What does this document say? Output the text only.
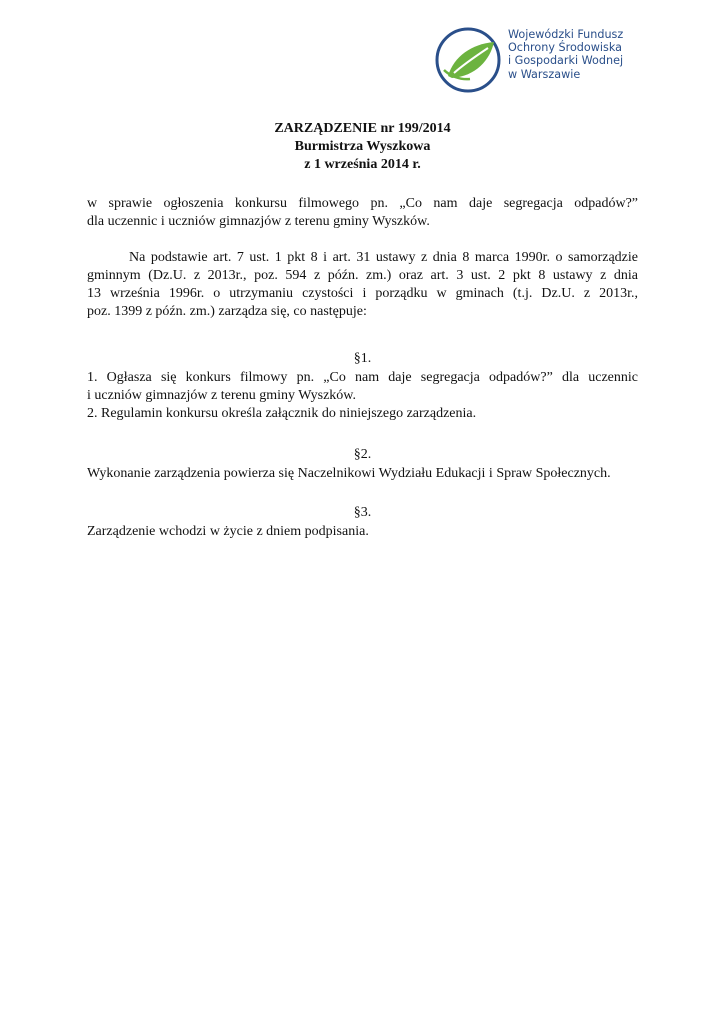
Wojewódzki Fundusz
Ochrony Środowiska
i Gospodarki Wodnej
w Warszawie
ZARZĄDZENIE nr 199/2014
Burmistrza Wyszkowa
z 1 września 2014 r.
w sprawie ogłoszenia konkursu filmowego pn. „Co nam daje segregacja odpadów?”
dla uczennic i uczniów gimnazjów z terenu gminy Wyszków.
Na podstawie art. 7 ust. 1 pkt 8 i art. 31 ustawy z dnia 8 marca 1990r. o samorządzie
gminnym (Dz.U. z 2013r., poz. 594 z późn. zm.) oraz art. 3 ust. 2 pkt 8 ustawy z dnia
13 września 1996r. o utrzymaniu czystości i porządku w gminach (t.j. Dz.U. z 2013r.,
poz. 1399 z późn. zm.) zarządza się, co następuje:
§1.
1. Ogłasza się konkurs filmowy pn. „Co nam daje segregacja odpadów?” dla uczennic
i uczniów gimnazjów z terenu gminy Wyszków.
2. Regulamin konkursu określa załącznik do niniejszego zarządzenia.
§2.
Wykonanie zarządzenia powierza się Naczelnikowi Wydziału Edukacji i Spraw Społecznych.
§3.
Zarządzenie wchodzi w życie z dniem podpisania.
